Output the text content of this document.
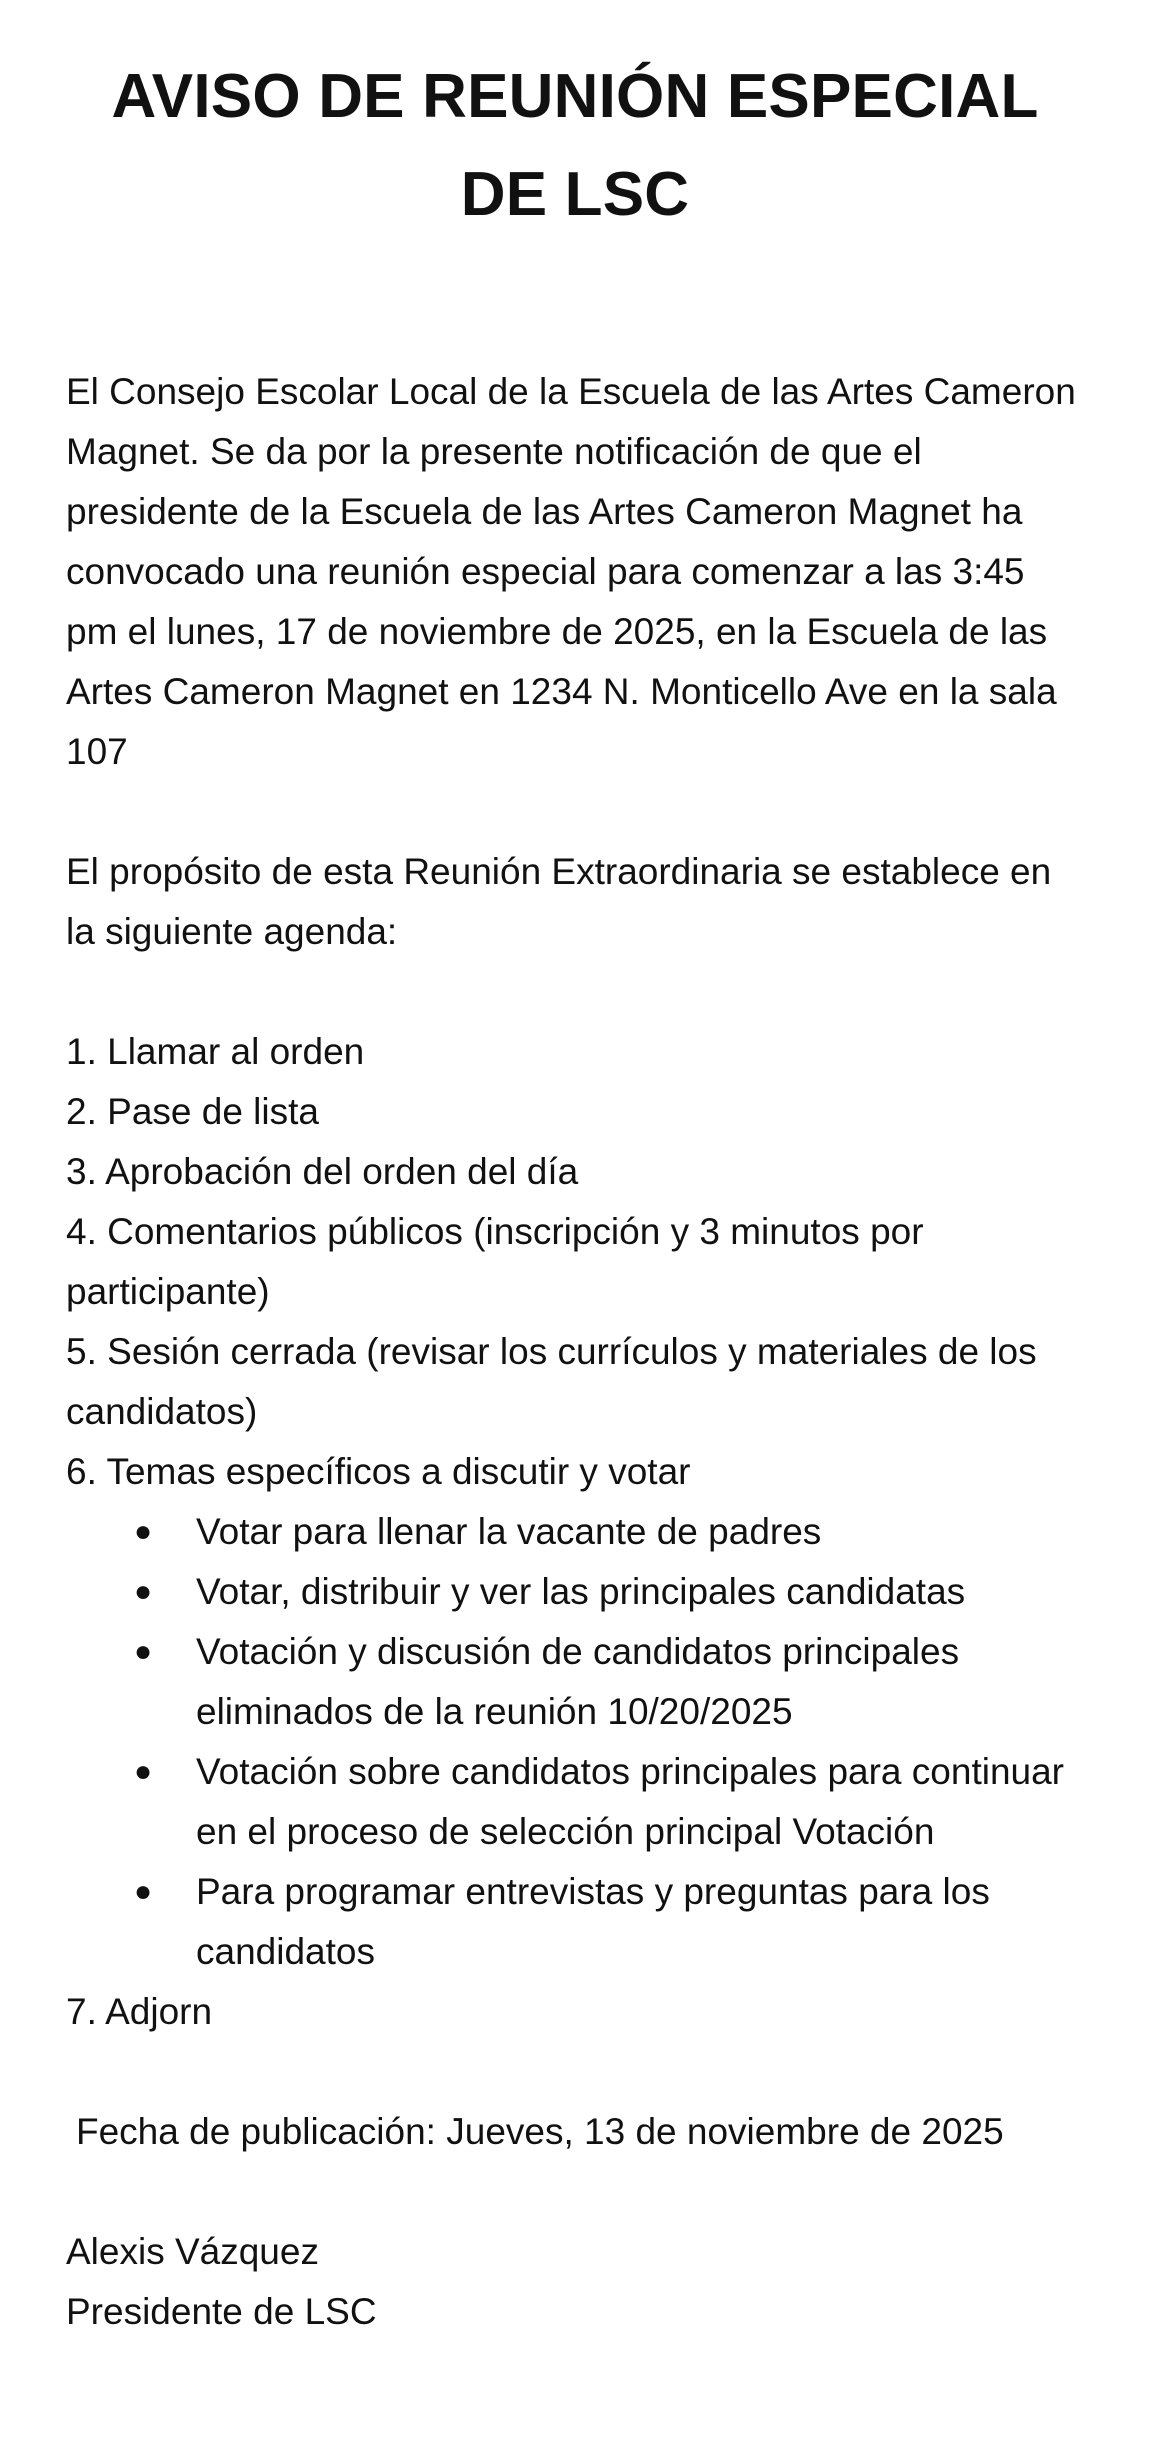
AVISO DE REUNIÓN ESPECIAL DE LSC

El Consejo Escolar Local de la Escuela de las Artes Cameron Magnet. Se da por la presente notificación de que el presidente de la Escuela de las Artes Cameron Magnet ha convocado una reunión especial para comenzar a las 3:45 pm el lunes, 17 de noviembre de 2025, en la Escuela de las Artes Cameron Magnet en 1234 N. Monticello Ave en la sala 107

El propósito de esta Reunión Extraordinaria se establece en la siguiente agenda:

1. Llamar al orden
2. Pase de lista
3. Aprobación del orden del día
4. Comentarios públicos (inscripción y 3 minutos por participante)
5. Sesión cerrada (revisar los currículos y materiales de los candidatos)
6. Temas específicos a discutir y votar
● Votar para llenar la vacante de padres
● Votar, distribuir y ver las principales candidatas
● Votación y discusión de candidatos principales eliminados de la reunión 10/20/2025
● Votación sobre candidatos principales para continuar en el proceso de selección principal Votación
● Para programar entrevistas y preguntas para los candidatos

7. Adjorn

Fecha de publicación: Jueves, 13 de noviembre de 2025

Alexis Vázquez

Presidente de LSC
